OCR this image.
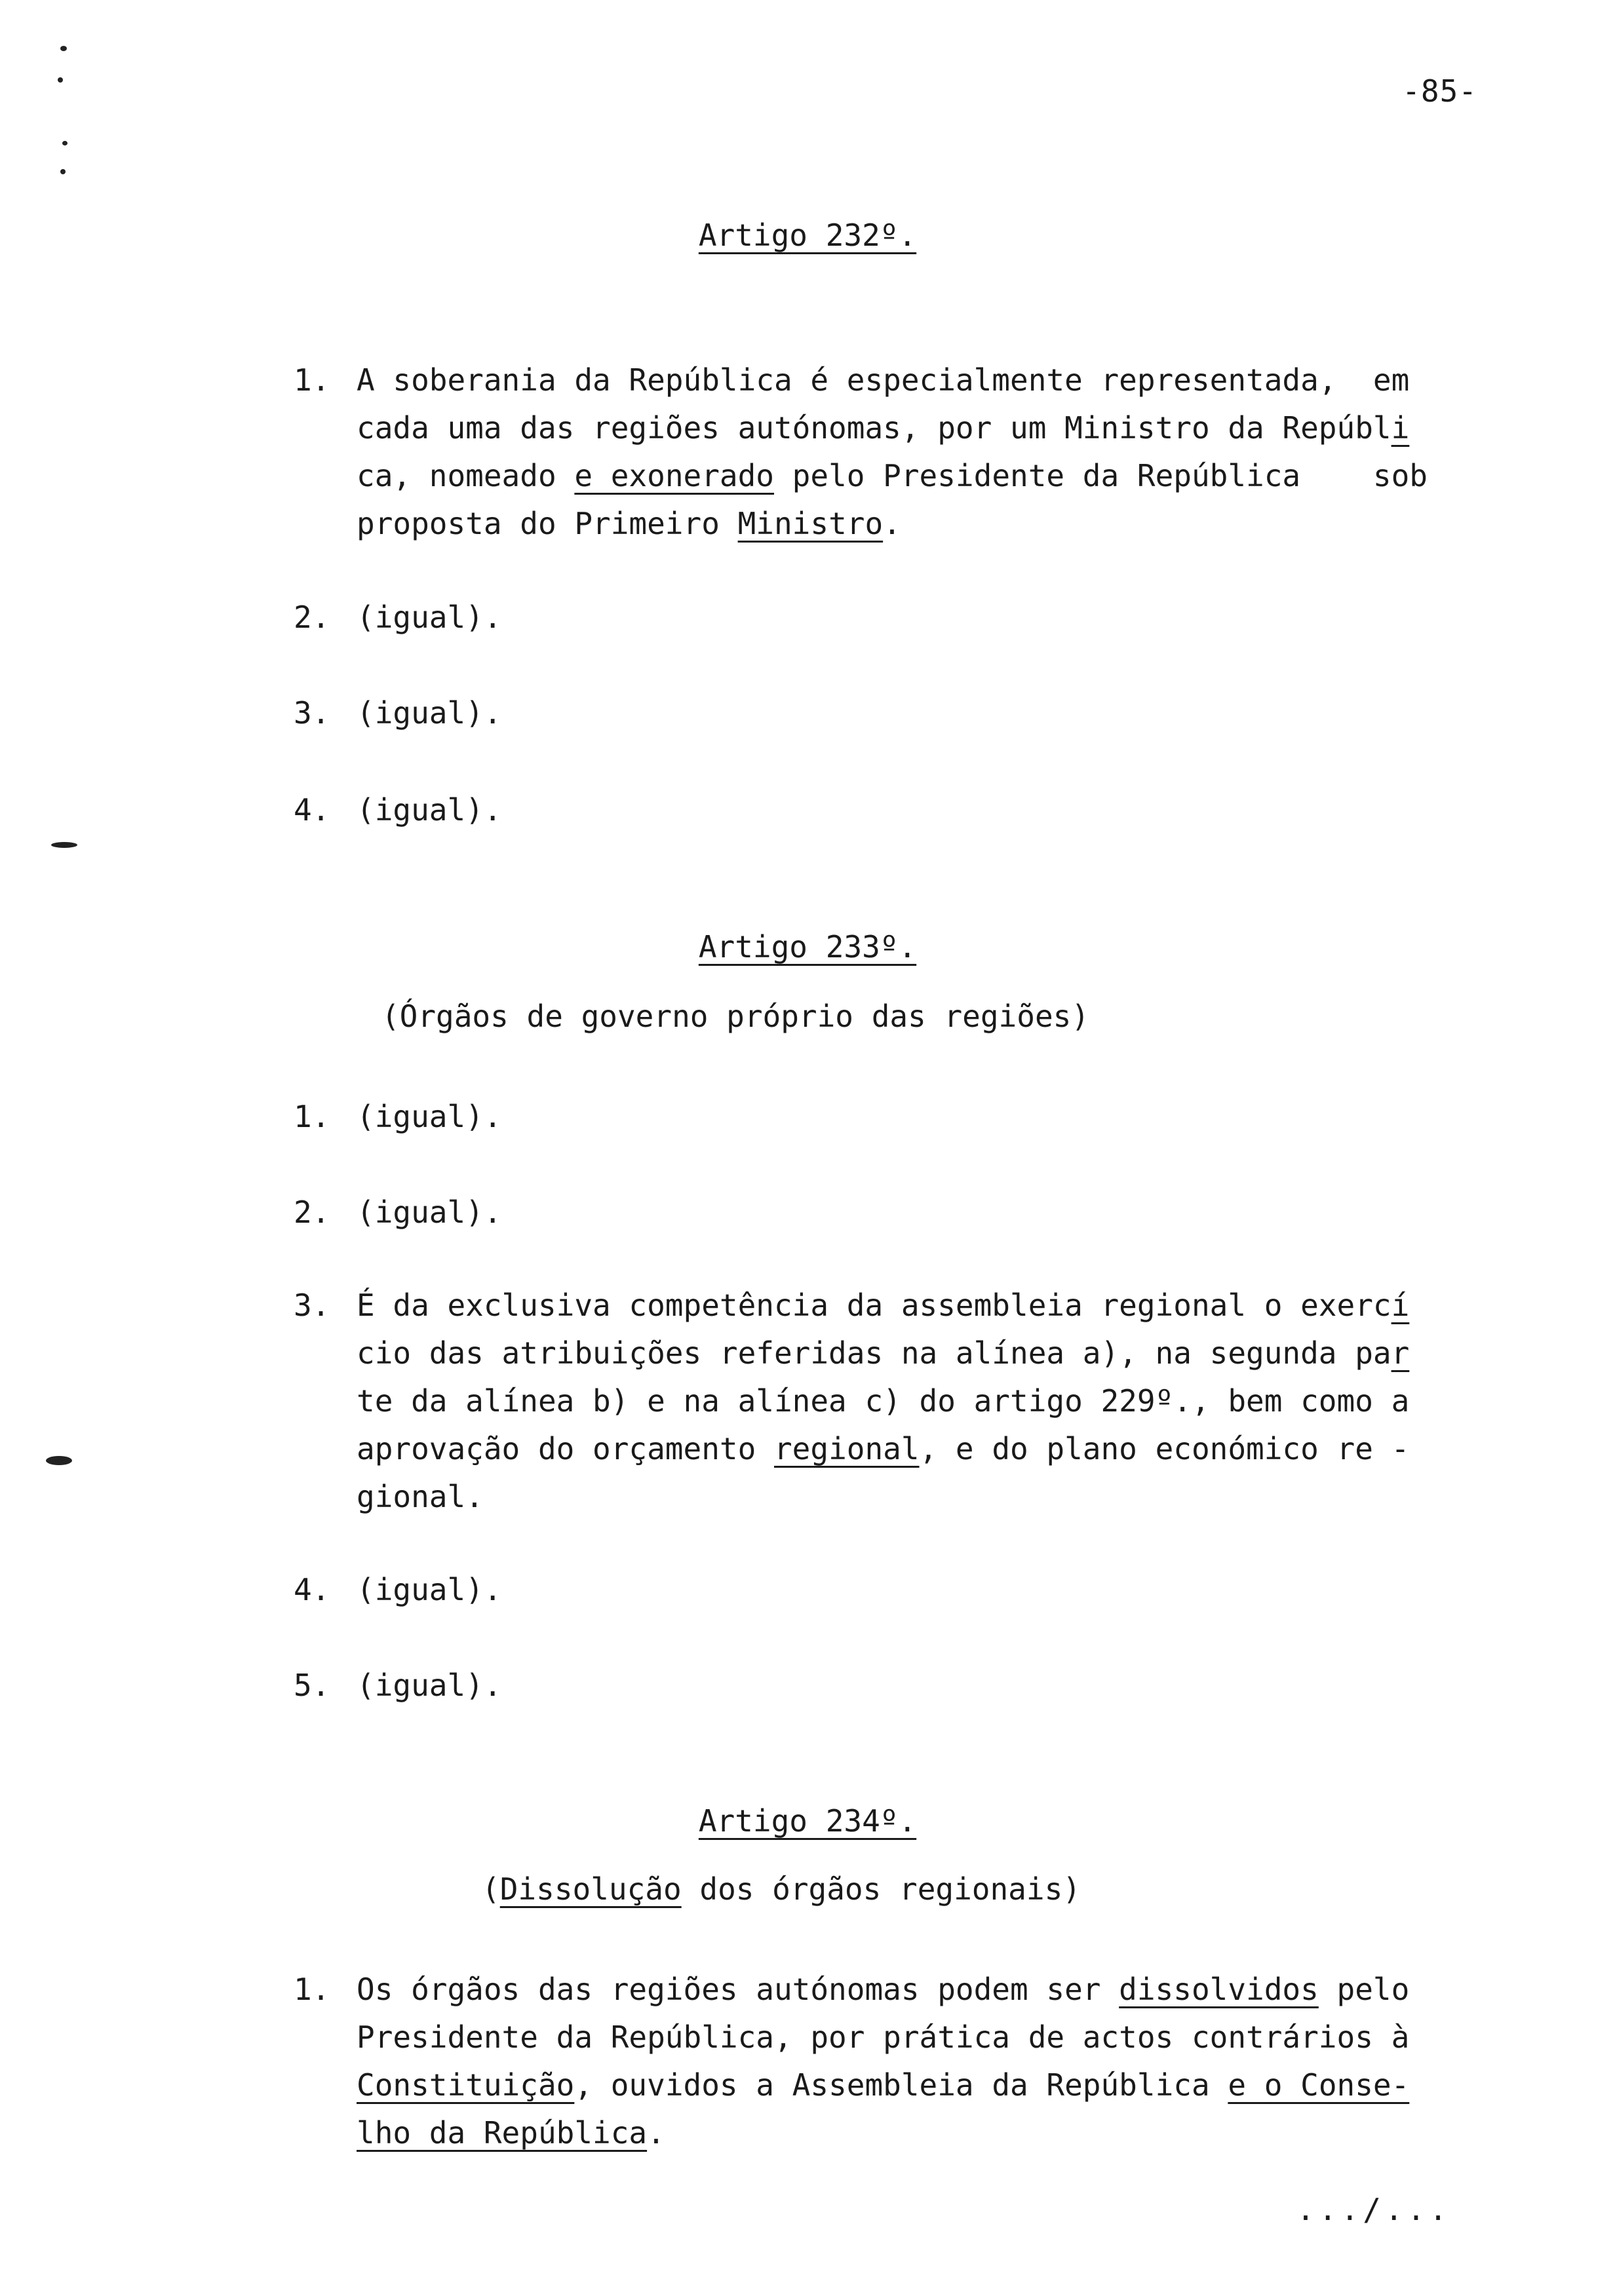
-85-
Artigo 232º.
1. A soberania da República é especialmente representada,  em
cada uma das regiões autónomas, por um Ministro da Repúbli
ca, nomeado e exonerado pelo Presidente da República    sob
proposta do Primeiro Ministro.
2. (igual).
3. (igual).
4. (igual).
Artigo 233º.
(Órgãos de governo próprio das regiões)
1. (igual).
2. (igual).
3. É da exclusiva competência da assembleia regional o exercí
cio das atribuições referidas na alínea a), na segunda par
te da alínea b) e na alínea c) do artigo 229º., bem como a
aprovação do orçamento regional, e do plano económico re -
gional.
4. (igual).
5. (igual).
Artigo 234º.
(Dissolução dos órgãos regionais)
1. Os órgãos das regiões autónomas podem ser dissolvidos pelo
Presidente da República, por prática de actos contrários à
Constituição, ouvidos a Assembleia da República e o Conse-
lho da República.
.../...
